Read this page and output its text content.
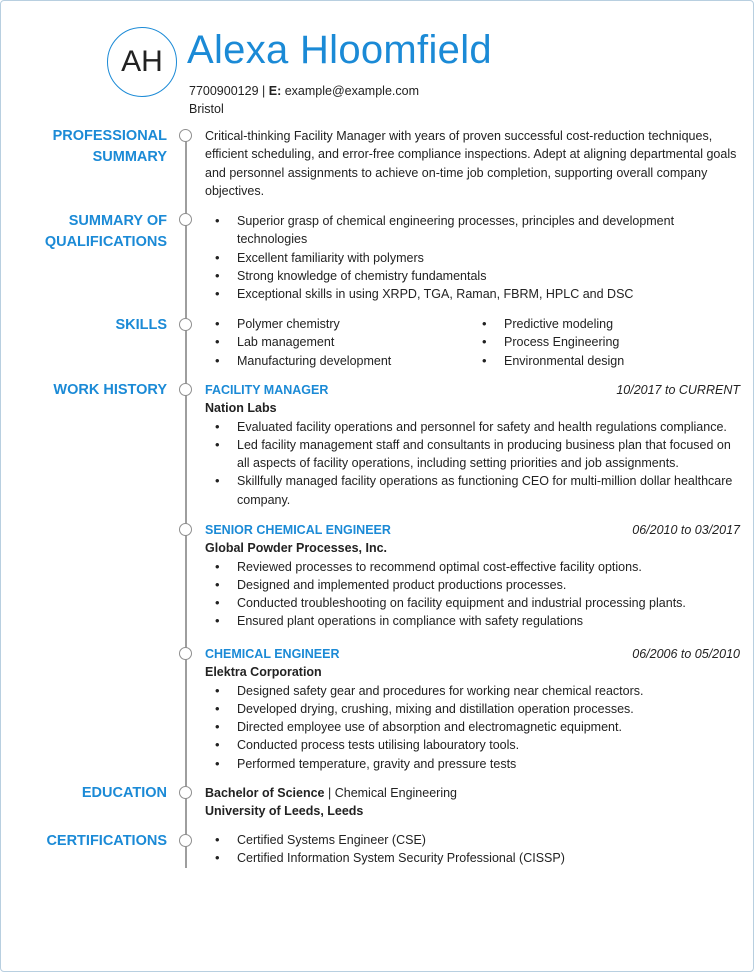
AH Alexa Hloomfield
7700900129 | E: example@example.com
Bristol
PROFESSIONAL
SUMMARY

Critical-thinking Facility Manager with years of proven successful cost-reduction techniques, efficient scheduling, and error-free compliance inspections. Adept at aligning departmental goals and personnel assignments to achieve on-time job completion, supporting overall company objectives.

SUMMARY OF
QUALIFICATIONS
• Superior grasp of chemical engineering processes, principles and development technologies
• Excellent familiarity with polymers
• Strong knowledge of chemistry fundamentals
• Exceptional skills in using XRPD, TGA, Raman, FBRM, HPLC and DSC
SKILLS	• Polymer chemistry
• Lab management
• Manufacturing development
• Predictive modeling
• Process Engineering
• Environmental design
WORK HISTORY	FACILITY MANAGER	10/2017 to CURRENT
Nation Labs
• Evaluated facility operations and personnel for safety and health regulations compliance.
• Led facility management staff and consultants in producing business plan that focused on all aspects of facility operations, including setting priorities and job assignments.
• Skillfully managed facility operations as functioning CEO for multi-million dollar healthcare company.
SENIOR CHEMICAL ENGINEER	06/2010 to 03/2017
Global Powder Processes, Inc.
• Reviewed processes to recommend optimal cost-effective facility options.
• Designed and implemented product productions processes.
• Conducted troubleshooting on facility equipment and industrial processing plants.
• Ensured plant operations in compliance with safety regulations
CHEMICAL ENGINEER	06/2006 to 05/2010
Elektra Corporation
• Designed safety gear and procedures for working near chemical reactors.
• Developed drying, crushing, mixing and distillation operation processes.
• Directed employee use of absorption and electromagnetic equipment.
• Conducted process tests utilising labouratory tools.
• Performed temperature, gravity and pressure tests
EDUCATION	Bachelor of Science | Chemical Engineering
University of Leeds, Leeds
CERTIFICATIONS	• Certified Systems Engineer (CSE)
• Certified Information System Security Professional (CISSP)
